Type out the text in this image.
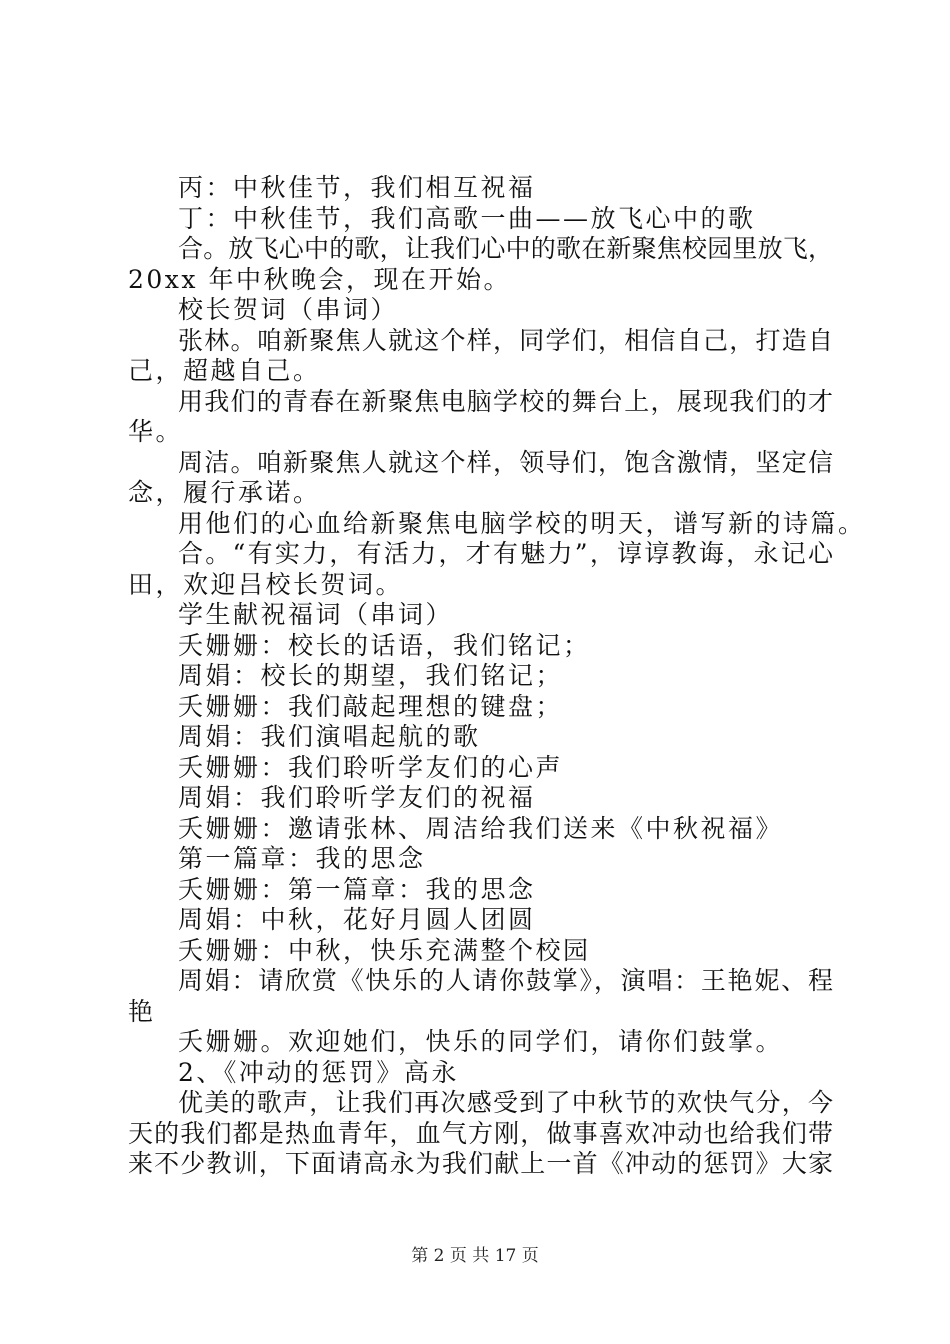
丙：中秋佳节，我们相互祝福
丁：中秋佳节，我们高歌一曲——放飞心中的歌
合。放飞心中的歌，让我们心中的歌在新聚焦校园里放飞，
20xx 年中秋晚会，现在开始。
校长贺词（串词）
张林。咱新聚焦人就这个样，同学们，相信自己，打造自
己，超越自己。
用我们的青春在新聚焦电脑学校的舞台上，展现我们的才
华。
周洁。咱新聚焦人就这个样，领导们，饱含激情，坚定信
念，履行承诺。
用他们的心血给新聚焦电脑学校的明天，谱写新的诗篇。
合。“有实力，有活力，才有魅力”，谆谆教诲，永记心
田，欢迎吕校长贺词。
学生献祝福词（串词）
夭姗姗：校长的话语，我们铭记；
周娟：校长的期望，我们铭记；
夭姗姗：我们敲起理想的键盘；
周娟：我们演唱起航的歌
夭姗姗：我们聆听学友们的心声
周娟：我们聆听学友们的祝福
夭姗姗：邀请张林、周洁给我们送来《中秋祝福》
第一篇章：我的思念
夭姗姗：第一篇章：我的思念
周娟：中秋，花好月圆人团圆
夭姗姗：中秋，快乐充满整个校园
周娟：请欣赏《快乐的人请你鼓掌》，演唱：王艳妮、程
艳
夭姗姗。欢迎她们，快乐的同学们，请你们鼓掌。
2、《冲动的惩罚》高永
优美的歌声，让我们再次感受到了中秋节的欢快气分，今
天的我们都是热血青年，血气方刚，做事喜欢冲动也给我们带
来不少教训，下面请高永为我们献上一首《冲动的惩罚》大家
第 2 页 共 17 页
